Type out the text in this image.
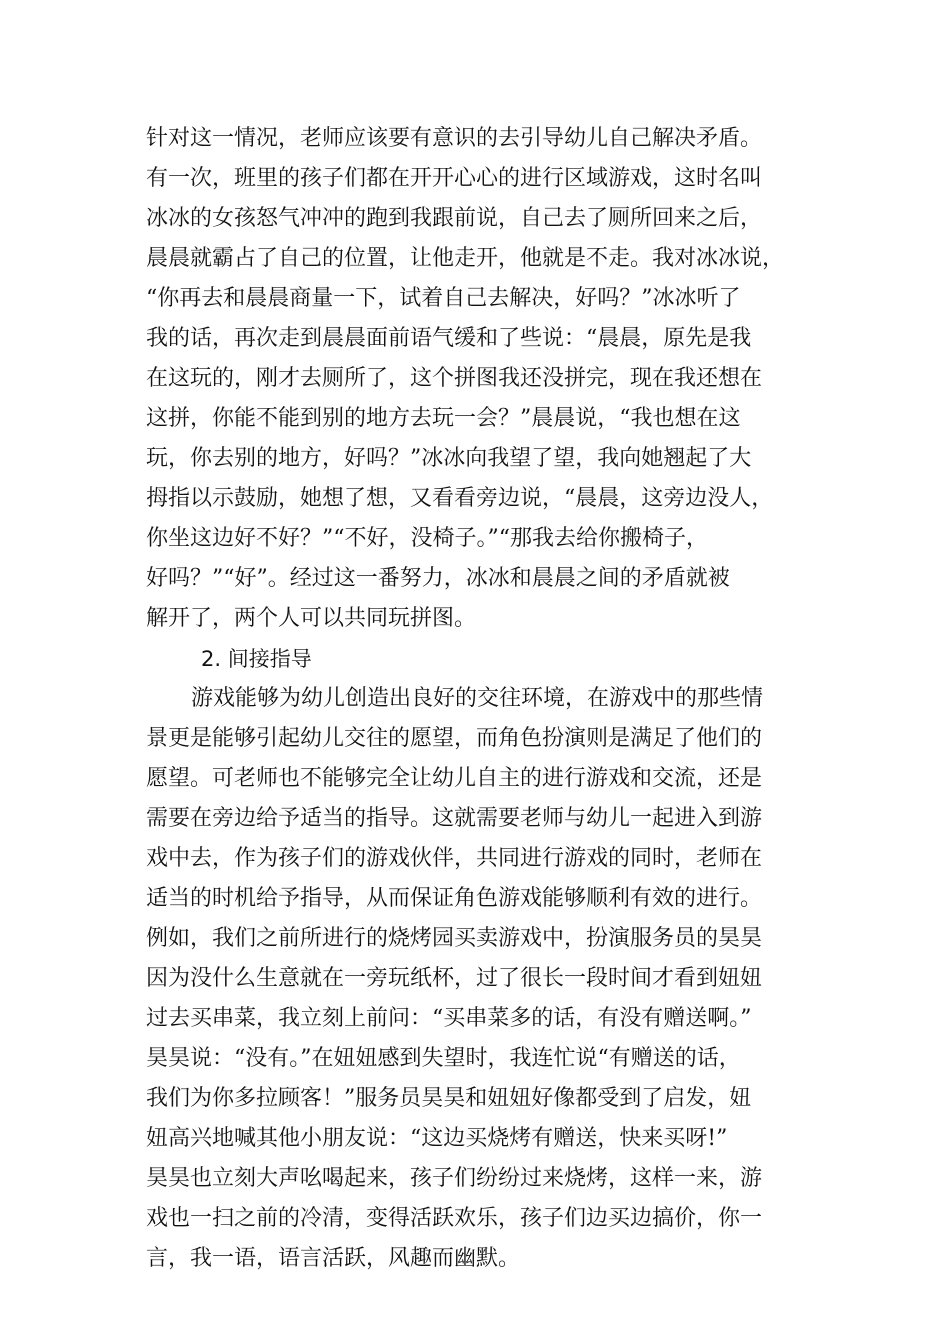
针对这一情况，老师应该要有意识的去引导幼儿自己解决矛盾。
有一次，班里的孩子们都在开开心心的进行区域游戏，这时名叫
冰冰的女孩怒气冲冲的跑到我跟前说，自己去了厕所回来之后，
晨晨就霸占了自己的位置，让他走开，他就是不走。我对冰冰说，
“你再去和晨晨商量一下，试着自己去解决，好吗？”冰冰听了
我的话，再次走到晨晨面前语气缓和了些说：“晨晨，原先是我
在这玩的，刚才去厕所了，这个拼图我还没拼完，现在我还想在
这拼，你能不能到别的地方去玩一会？”晨晨说，“我也想在这
玩，你去别的地方，好吗？”冰冰向我望了望，我向她翘起了大
拇指以示鼓励，她想了想，又看看旁边说，“晨晨，这旁边没人，
你坐这边好不好？”“不好，没椅子。”“那我去给你搬椅子，
好吗？”“好”。经过这一番努力，冰冰和晨晨之间的矛盾就被
解开了，两个人可以共同玩拼图。
2. 间接指导
游戏能够为幼儿创造出良好的交往环境，在游戏中的那些情
景更是能够引起幼儿交往的愿望，而角色扮演则是满足了他们的
愿望。可老师也不能够完全让幼儿自主的进行游戏和交流，还是
需要在旁边给予适当的指导。这就需要老师与幼儿一起进入到游
戏中去，作为孩子们的游戏伙伴，共同进行游戏的同时，老师在
适当的时机给予指导，从而保证角色游戏能够顺利有效的进行。
例如，我们之前所进行的烧烤园买卖游戏中，扮演服务员的昊昊
因为没什么生意就在一旁玩纸杯，过了很长一段时间才看到妞妞
过去买串菜，我立刻上前问：“买串菜多的话，有没有赠送啊。”
昊昊说：“没有。”在妞妞感到失望时，我连忙说“有赠送的话，
我们为你多拉顾客！”服务员昊昊和妞妞好像都受到了启发，妞
妞高兴地喊其他小朋友说：“这边买烧烤有赠送，快来买呀!”
昊昊也立刻大声吆喝起来，孩子们纷纷过来烧烤，这样一来，游
戏也一扫之前的冷清，变得活跃欢乐，孩子们边买边搞价，你一
言，我一语，语言活跃，风趣而幽默。
